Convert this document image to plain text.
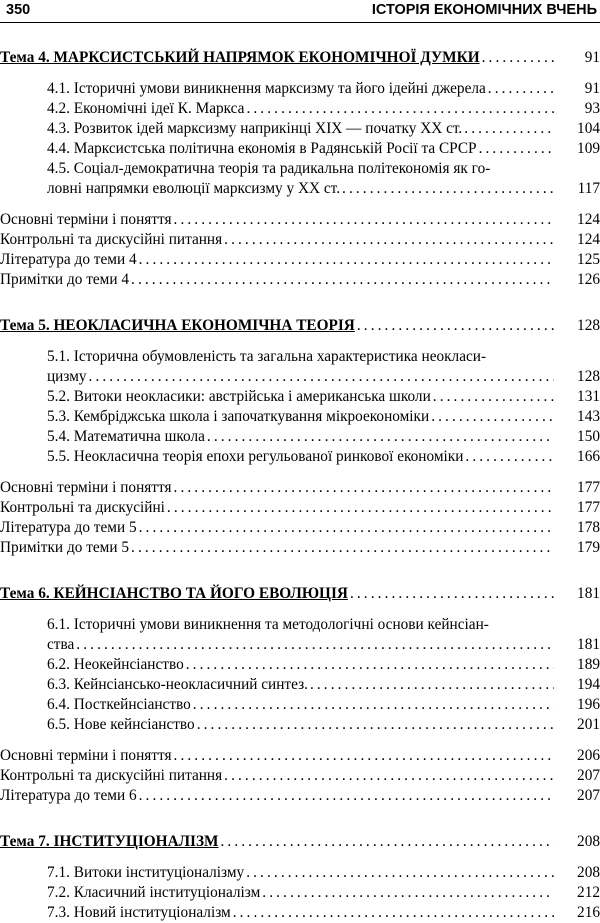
350	ІСТОРІЯ ЕКОНОМІЧНИХ ВЧЕНЬ
Тема 4. МАРКСИСТСЬКИЙ НАПРЯМОК ЕКОНОМІЧНОЇ ДУМКИ .....	91
4.1. Історичні умови виникнення марксизму та його ідейні джерела .....	91
4.2. Економічні ідеї К. Маркса .....	93
4.3. Розвиток ідей марксизму наприкінці XIX — початку XX ст. .....	104
4.4. Марксистська політична економія в Радянській Росії та СРСР .....	109
4.5. Соціал-демократична теорія та радикальна політекономія як го-
ловні напрямки еволюції марксизму у XX ст. .....	117
Основні терміни і поняття .....	124
Контрольні та дискусійні питання .....	124
Література до теми 4 .....	125
Примітки до теми 4 .....	126
Тема 5. НЕОКЛАСИЧНА ЕКОНОМІЧНА ТЕОРІЯ .....	128
5.1. Історична обумовленість та загальна характеристика неокласи-
цизму .....	128
5.2. Витоки неокласики: австрійська і американська школи .....	131
5.3. Кембріджська школа і започаткування мікроекономіки .....	143
5.4. Математична школа .....	150
5.5. Неокласична теорія епохи регульованої ринкової економіки .....	166
Основні терміни і поняття .....	177
Контрольні та дискусійні .....	177
Література до теми 5 .....	178
Примітки до теми 5 .....	179
Тема 6. КЕЙНСІАНСТВО ТА ЙОГО ЕВОЛЮЦІЯ .....	181
6.1. Історичні умови виникнення та методологічні основи кейнсіан-
ства .....	181
6.2. Неокейнсіанство .....	189
6.3. Кейнсіансько-неокласичний синтез. .....	194
6.4. Посткейнсіанство .....	196
6.5. Нове кейнсіанство .....	201
Основні терміни і поняття .....	206
Контрольні та дискусійні питання .....	207
Література до теми 6 .....	207
Тема 7. ІНСТИТУЦІОНАЛІЗМ .....	208
7.1. Витоки інституціоналізму .....	208
7.2. Класичний інституціоналізм .....	212
7.3. Новий інституціоналізм .....	216
